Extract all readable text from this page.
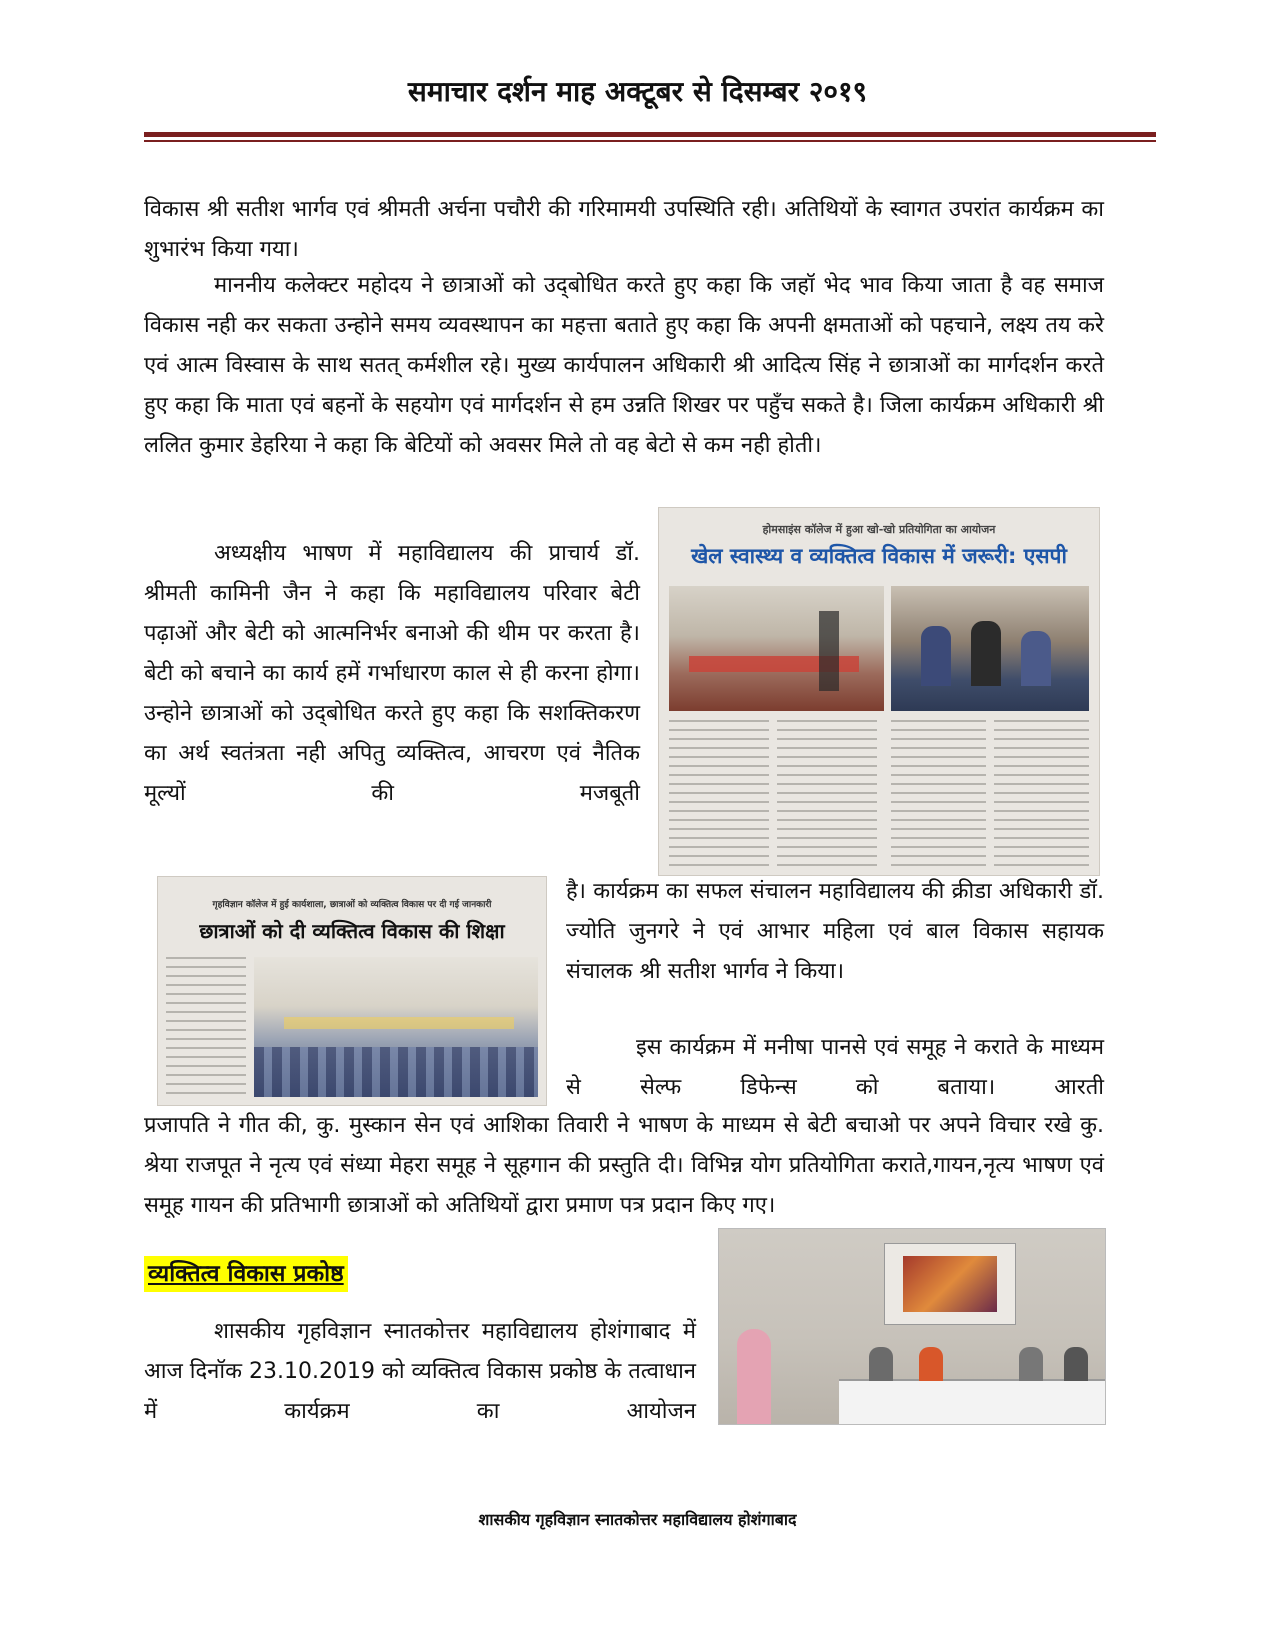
समाचार दर्शन माह अक्टूबर से दिसम्बर २०१९

विकास श्री सतीश भार्गव एवं श्रीमती अर्चना पचौरी की गरिमामयी उपस्थिति रही। अतिथियों के स्वागत उपरांत कार्यक्रम का शुभारंभ किया गया।

माननीय कलेक्टर महोदय ने छात्राओं को उद्‌बोधित करते हुए कहा कि जहॉ भेद भाव किया जाता है वह समाज विकास नही कर सकता उन्होने समय व्यवस्थापन का महत्ता बताते हुए कहा कि अपनी क्षमताओं को पहचाने, लक्ष्य तय करे एवं आत्म विस्वास के साथ सतत् कर्मशील रहे। मुख्य कार्यपालन अधिकारी श्री आदित्य सिंह ने छात्राओं का मार्गदर्शन करते हुए कहा कि माता एवं बहनों के सहयोग एवं मार्गदर्शन से हम उन्नति शिखर पर पहुँच सकते है। जिला कार्यक्रम अधिकारी श्री ललित कुमार डेहरिया ने कहा कि बेटियों को अवसर मिले तो वह बेटो से कम नही होती।

होमसाइंस कॉलेज में हुआ खो-खो प्रतियोगिता का आयोजन
खेल स्वास्थ्य व व्यक्तित्व विकास में जरूरी: एसपी

अध्यक्षीय भाषण में महाविद्यालय की प्राचार्य डॉ. श्रीमती कामिनी जैन ने कहा कि महाविद्यालय परिवार बेटी पढ़ाओं और बेटी को आत्मनिर्भर बनाओ की थीम पर करता है। बेटी को बचाने का कार्य हमें गर्भाधारण काल से ही करना होगा। उन्होने छात्राओं को उद्‌बोधित करते हुए कहा कि सशक्तिकरण का अर्थ स्वतंत्रता नही अपितु व्यक्तित्व, आचरण एवं नैतिक मूल्यों की मजबूती

गृहविज्ञान कॉलेज में हुई कार्यशाला, छात्राओं को व्यक्तित्व विकास पर दी गई जानकारी
छात्राओं को दी व्यक्तित्व विकास की शिक्षा

है। कार्यक्रम का सफल संचालन महाविद्यालय की क्रीडा अधिकारी डॉ. ज्योति जुनगरे ने एवं आभार महिला एवं बाल विकास सहायक संचालक श्री सतीश भार्गव ने किया।

इस कार्यक्रम में मनीषा पानसे एवं समूह ने कराते के माध्यम से सेल्फ डिफेन्स को बताया। आरती

प्रजापति ने गीत की, कु. मुस्कान सेन एवं आशिका तिवारी ने भाषण के माध्यम से बेटी बचाओ पर अपने विचार रखे कु. श्रेया राजपूत ने नृत्य एवं संध्या मेहरा समूह ने सूहगान की प्रस्तुति दी। विभिन्न योग प्रतियोगिता कराते,गायन,नृत्य भाषण एवं समूह गायन की प्रतिभागी छात्राओं को अतिथियों द्वारा प्रमाण पत्र प्रदान किए गए।

व्यक्तित्व विकास प्रकोष्ठ

शासकीय गृहविज्ञान स्नातकोत्तर महाविद्यालय होशंगाबाद में आज दिनॉक 23.10.2019 को व्यक्तित्व विकास प्रकोष्ठ के तत्वाधान में कार्यक्रम का आयोजन

शासकीय गृहविज्ञान स्नातकोत्तर महाविद्यालय होशंगाबाद
